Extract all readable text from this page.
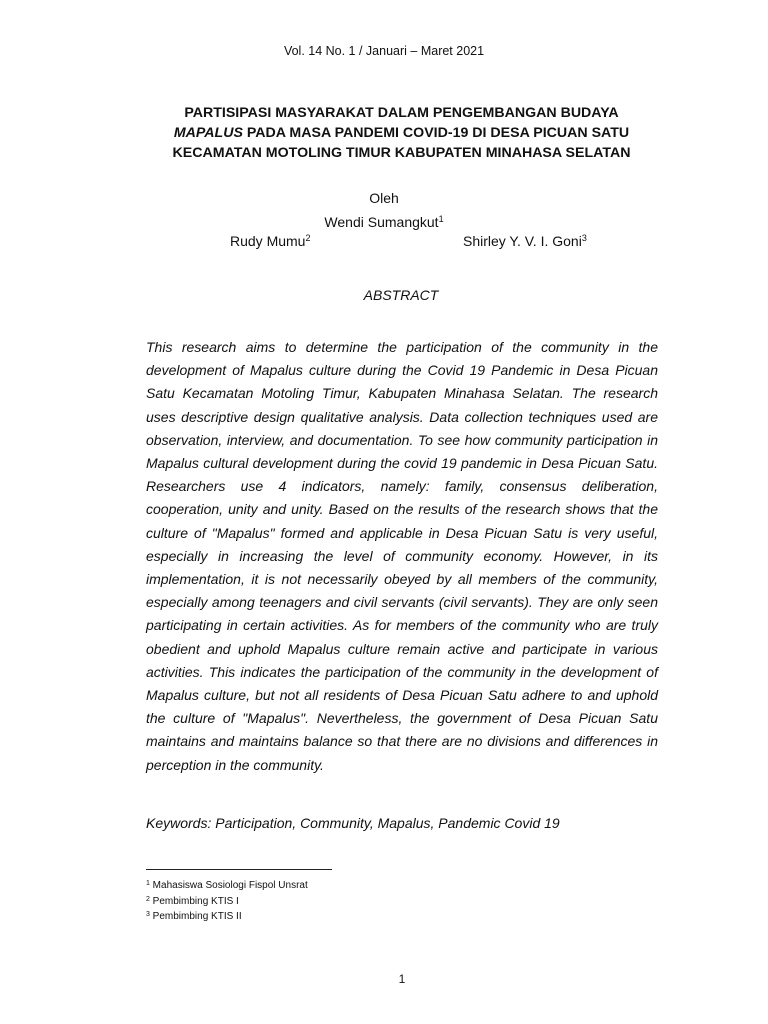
Vol. 14 No. 1 / Januari – Maret 2021
PARTISIPASI MASYARAKAT DALAM PENGEMBANGAN BUDAYA
MAPALUS PADA MASA PANDEMI COVID-19 DI DESA PICUAN SATU
KECAMATAN MOTOLING TIMUR KABUPATEN MINAHASA SELATAN
Oleh
Wendi Sumangkut$^1$
Rudy Mumu$^2$	Shirley Y. V. I. Goni$^3$
ABSTRACT

This research aims to determine the participation of the community in the development of Mapalus culture during the Covid 19 Pandemic in Desa Picuan Satu Kecamatan Motoling Timur, Kabupaten Minahasa Selatan. The research uses descriptive design qualitative analysis. Data collection techniques used are observation, interview, and documentation. To see how community participation in Mapalus cultural development during the covid 19 pandemic in Desa Picuan Satu. Researchers use 4 indicators, namely: family, consensus deliberation, cooperation, unity and unity. Based on the results of the research shows that the culture of "Mapalus" formed and applicable in Desa Picuan Satu is very useful, especially in increasing the level of community economy. However, in its implementation, it is not necessarily obeyed by all members of the community, especially among teenagers and civil servants (civil servants). They are only seen participating in certain activities. As for members of the community who are truly obedient and uphold Mapalus culture remain active and participate in various activities. This indicates the participation of the community in the development of Mapalus culture, but not all residents of Desa Picuan Satu adhere to and uphold the culture of "Mapalus". Nevertheless, the government of Desa Picuan Satu maintains and maintains balance so that there are no divisions and differences in perception in the community.

Keywords: Participation, Community, Mapalus, Pandemic Covid 19
$^1$ Mahasiswa Sosiologi Fispol Unsrat
$^2$ Pembimbing KTIS I
$^3$ Pembimbing KTIS II
1
